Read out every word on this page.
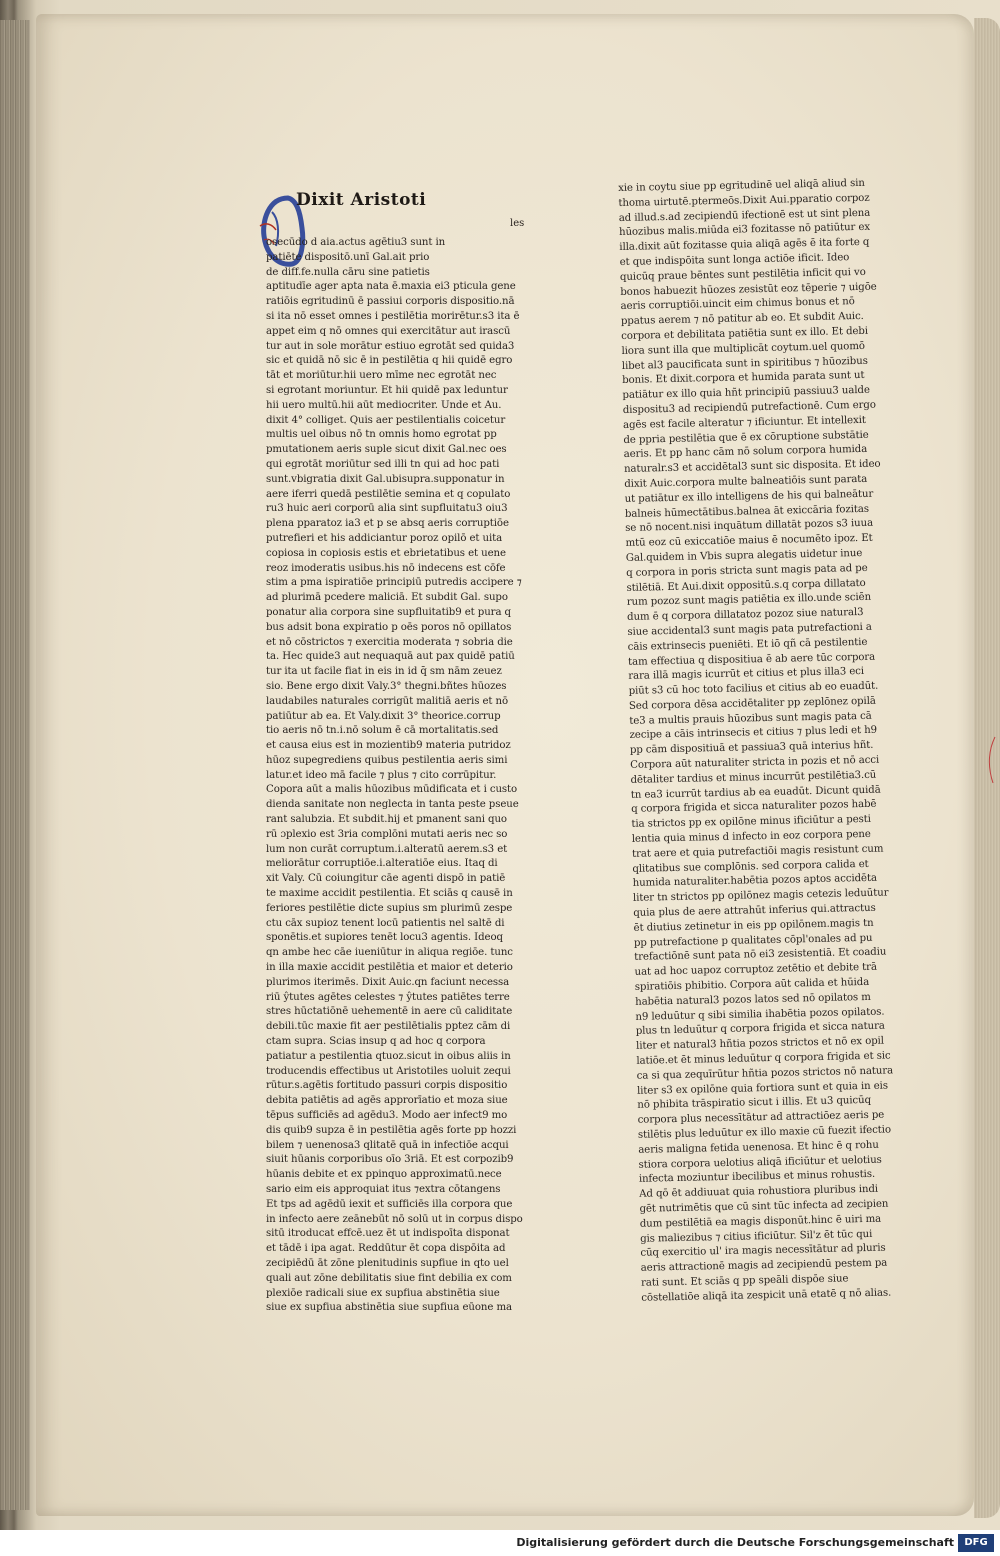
Dixit Aristoti
les
osecūdo d aia.actus agētiu3 sunt in
patiēte dispositō.unī Gal.ait prio
de diff.fe.nulla cāru sine patietis
aptitudīe ager apta nata ē.maxia ei3 pticula gene
ratiōis egritudinū ē passiui corporis dispositio.nā
si ita nō esset omnes i pestilētia morirētur.s3 ita ē
appet eim q nō omnes qui exercitātur aut irascū
tur aut in sole morātur estiuo egrotāt sed quida3
sic et quidā nō sic ē in pestilētia q hii quidē egro
tāt et moriūtur.hii uero mīme nec egrotāt nec
si egrotant moriuntur. Et hii quidē pax leduntur
hii uero multū.hii aūt mediocriter. Unde et Au.
dixit 4° colliget. Quis aer pestilentialis coicetur
multis uel oibus nō tn omnis homo egrotat pp
pmutationem aeris suple sicut dixit Gal.nec oes
qui egrotāt moriūtur sed illi tn qui ad hoc pati
sunt.vbigratia dixit Gal.ubisupra.supponatur in
aere iferri quedā pestilētie semina et q copulato
ru3 huic aeri corporū alia sint supfluitatu3 oiu3
plena pparatoz ia3 et p se absq aeris corruptiōe
putrefieri et his addiciantur poroz opilō et uita
copiosa in copiosis estis et ebrietatibus et uene
reoz imoderatis usibus.his nō indecens est cōfe
stim a pma ispiratiōe principiū putredis accipere ⁊
ad plurimā pcedere maliciā. Et subdit Gal. supo
ponatur alia corpora sine supfluitatib9 et pura q
bus adsit bona expiratio p oēs poros nō opillatos
et nō cōstrictos ⁊ exercitia moderata ⁊ sobria die
ta. Hec quide3 aut nequaquā aut pax quidē patiū
tur ita ut facile fiat in eis in id q̄ sm nām zeuez
sio. Bene ergo dixit Valy.3° thegni.bñtes hūozes
laudabiles naturales corrigūt malitiā aeris et nō
patiūtur ab ea. Et Valy.dixit 3° theorice.corrup
tio aeris nō tn.i.nō solum ē cā mortalitatis.sed
et causa eius est in mozientib9 materia putridoz
hūoz supegrediens quibus pestilentia aeris simi
latur.et ideo mā facile ⁊ plus ⁊ cito corrūpitur.
Copora aūt a malis hūozibus mūdificata et i custo
dienda sanitate non neglecta in tanta peste pseue
rant salubzia. Et subdit.hij et pmanent sani quo
rū ɔplexio est 3ria complōni mutati aeris nec so
lum non curāt corruptum.i.alteratū aerem.s3 et
meliorātur corruptiōe.i.alteratiōe eius. Itaq di
xit Valy. Cū coiungitur cāe agenti dispō in patiē
te maxime accidit pestilentia. Et sciās q causē in
feriores pestilētie dicte supius sm plurimū zespe
ctu cāx supioz tenent locū patientis nel saltē di
sponētis.et supiores tenēt locu3 agentis. Ideoq
qn ambe hec cāe iueniūtur in aliqua regiōe. tunc
in illa maxie accidit pestilētia et maior et deterio
plurimos iterimēs. Dixit Auic.qn faciunt necessa
riū ŷtutes agētes celestes ⁊ ŷtutes patiētes terre
stres hūctatiōnē uehementē in aere cū caliditate
debili.tūc maxie fit aer pestilētialis pptez cām di
ctam supra. Scias insup q ad hoc q corpora
patiatur a pestilentia qtuoz.sicut in oibus aliis in
troducendis effectibus ut Aristotiles uoluit zequi
rūtur.s.agētis fortitudo passuri corpis dispositio
debita patiētis ad agēs approrīatio et moza siue
tēpus sufficiēs ad agēdu3. Modo aer infect9 mo
dis quib9 supza ē in pestilētia agēs forte pp hozzi
bilem ⁊ uenenosa3 qlitatē quā in infectiōe acqui
siuit hūanis corporibus oīo 3riā. Et est corpozib9
hūanis debite et ex ppinquo approximatū.nece
sario eim eis approquiat itus ⁊extra cōtangens
Et tps ad agēdū iexit et sufficiēs illa corpora que
in infecto aere zeānebūt nō solū ut in corpus dispo
sitū itroducat effcē.uez ēt ut indispoīta disponat
et tādē i ipa agat. Reddūtur ēt copa dispōita ad
zecipiēdū āt zōne plenitudinis supfiue in qto uel
quali aut zōne debilitatis siue fint debilia ex com
plexiōe radicali siue ex supfiua abstinētia siue
siue ex supfiua abstinētia siue supfiua eūone ma
xie in coytu siue pp egritudinē uel aliqā aliud sin
thoma uirtutē.ptermeōs.Dixit Aui.pparatio corpoz
ad illud.s.ad zecipiendū ifectionē est ut sint plena
hūozibus malis.miūda ei3 fozitasse nō patiūtur ex
illa.dixit aūt fozitasse quia aliqā agēs ē ita forte q
et que indispōita sunt longa actiōe ificit. Ideo
quicūq praue bēntes sunt pestilētia inficit qui vo
bonos habuezit hūozes zesistūt eoz tēperie ⁊ uigōe
aeris corruptiōi.uincit eim chimus bonus et nō
ppatus aerem ⁊ nō patitur ab eo. Et subdit Auic.
corpora et debilitata patiētia sunt ex illo. Et debi
liora sunt illa que multiplicāt coytum.uel quomō
libet al3 paucificata sunt in spiritibus ⁊ hūozibus
bonis. Et dixit.corpora et humida parata sunt ut
patiātur ex illo quia hñt principiū passiuu3 ualde
dispositu3 ad recipiendū putrefactionē. Cum ergo
agēs est facile alteratur ⁊ ificiuntur. Et intellexit
de ppria pestilētia que ē ex cōruptione substātie
aeris. Et pp hanc cām nō solum corpora humida
naturalr.s3 et accidētal3 sunt sic disposita. Et ideo
dixit Auic.corpora multe balneatiōis sunt parata
ut patiātur ex illo intelligens de his qui balneātur
balneis hūmectātibus.balnea āt exiccāria fozitas
se nō nocent.nisi inquātum dillatāt pozos s3 iuua
mtū eoz cū exiccatiōe maius ē nocumēto ipoz. Et
Gal.quidem in Vbis supra alegatis uidetur inue
q corpora in poris stricta sunt magis pata ad pe
stilētiā. Et Aui.dixit oppositū.s.q corpa dillatato
rum pozoz sunt magis patiētia ex illo.unde sciēn
dum ē q corpora dillatatoz pozoz siue natural3
siue accidental3 sunt magis pata putrefactioni a
cāis extrinsecis pueniēti. Et iō qñ cā pestilentie
tam effectiua q dispositiua ē ab aere tūc corpora
rara illā magis icurrūt et citius et plus illa3 eci
piūt s3 cū hoc toto facilius et citius ab eo euadūt.
Sed corpora dēsa accidētaliter pp zeplōnez opilā
te3 a multis prauis hūozibus sunt magis pata cā
zecipe a cāis intrinsecis et citius ⁊ plus ledi et h9
pp cām dispositiuā et passiua3 quā interius hñt.
Corpora aūt naturaliter stricta in pozis et nō acci
dētaliter tardius et minus incurrūt pestilētia3.cū
tn ea3 icurrūt tardius ab ea euadūt. Dicunt quidā
q corpora frigida et sicca naturaliter pozos habē
tia strictos pp ex opilōne minus ificiūtur a pesti
lentia quia minus d infecto in eoz corpora pene
trat aere et quia putrefactiōi magis resistunt cum
qlitatibus sue complōnis. sed corpora calida et
humida naturaliter.habētia pozos aptos accidēta
liter tn strictos pp opilōnez magis cetezis leduūtur
quia plus de aere attrahūt inferius qui.attractus
ēt diutius zetinetur in eis pp opilōnem.magis tn
pp putrefactione p qualitates cōpl'onales ad pu
trefactiōnē sunt pata nō ei3 zesistentiā. Et coadiu
uat ad hoc uapoz corruptoz zetētio et debite trā
spiratiōis phibitio. Corpora aūt calida et hūida
habētia natural3 pozos latos sed nō opilatos m
n9 leduūtur q sibi similia ihabētia pozos opilatos.
plus tn leduūtur q corpora frigida et sicca natura
liter et natural3 hñtia pozos strictos et nō ex opil
latiōe.et ēt minus leduūtur q corpora frigida et sic
ca si qua zequīrūtur hñtia pozos strictos nō natura
liter s3 ex opilōne quia fortiora sunt et quia in eis
nō phibita trāspiratio sicut i illis. Et u3 quicūq
corpora plus necessītātur ad attractiōez aeris pe
stilētis plus leduūtur ex illo maxie cū fuezit ifectio
aeris maligna fetida uenenosa. Et hinc ē q rohu
stiora corpora uelotius aliqā ificiūtur et uelotius
infecta moziuntur ibecilibus et minus rohustis.
Ad qō ēt addiuuat quia rohustiora pluribus indi
gēt nutrimētis que cū sint tūc infecta ad zecipien
dum pestilētiā ea magis disponūt.hinc ē uiri ma
gis maliezibus ⁊ citius ificiūtur. Sil'z ēt tūc qui
cūq exercitio ul' ira magis necessītātur ad pluris
aeris attractionē magis ad zecipiendū pestem pa
rati sunt. Et sciās q pp speāli dispōe siue
cōstellatiōe aliqā ita zespicit unā etatē q nō alias.
Digitalisierung gefördert durch die Deutsche Forschungsgemeinschaft	DFG
